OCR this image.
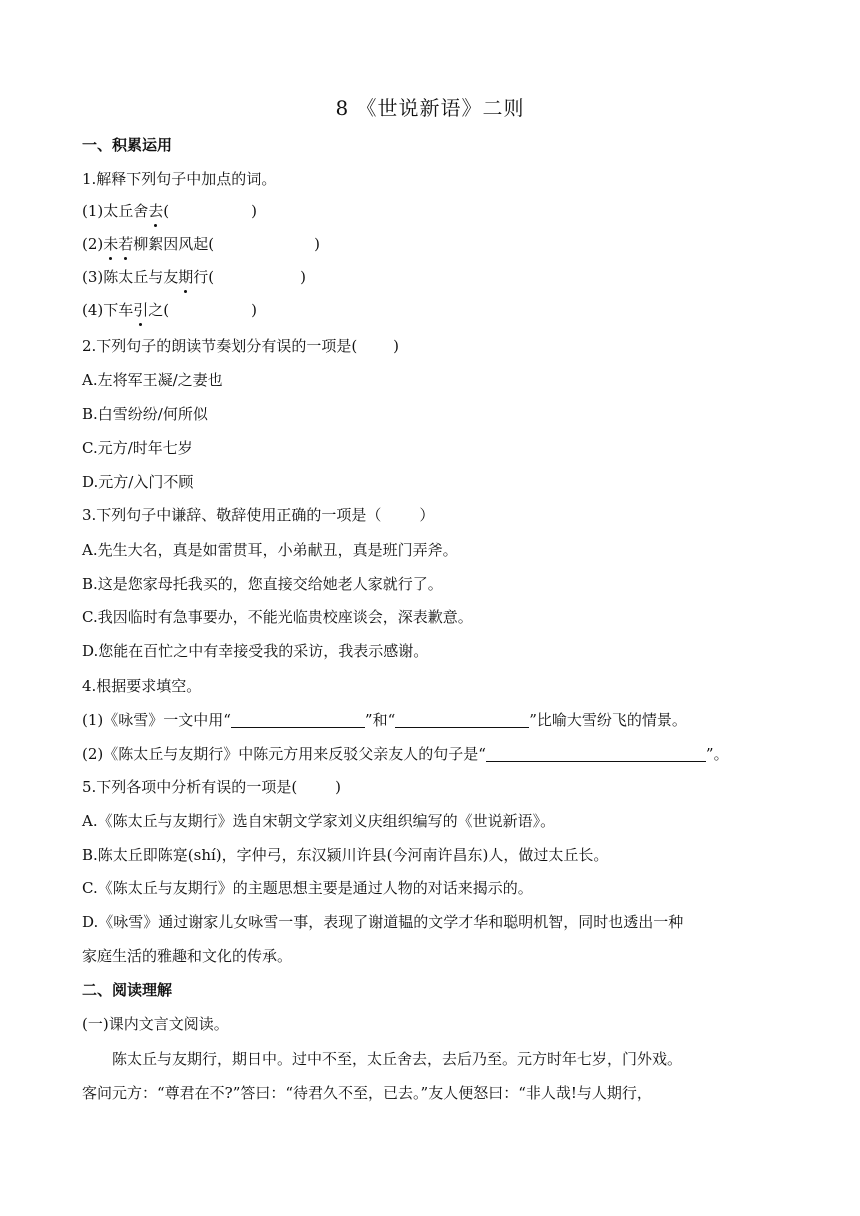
8 《世说新语》二则
一、积累运用
1.解释下列句子中加点的词。
(1)太丘舍去(	)
(2)未若柳絮因风起(	)
(3)陈太丘与友期行(	)
(4)下车引之(	)
2.下列句子的朗读节奏划分有误的一项是( )
A.左将军王凝/之妻也
B.白雪纷纷/何所似
C.元方/时年七岁
D.元方/入门不顾
3.下列句子中谦辞、敬辞使用正确的一项是（	）
A.先生大名，真是如雷贯耳，小弟献丑，真是班门弄斧。
B.这是您家母托我买的，您直接交给她老人家就行了。
C.我因临时有急事要办，不能光临贵校座谈会，深表歉意。
D.您能在百忙之中有幸接受我的采访，我表示感谢。
4.根据要求填空。
(1)《咏雪》一文中用“	”和“	”比喻大雪纷飞的情景。
(2)《陈太丘与友期行》中陈元方用来反驳父亲友人的句子是“	”。
5.下列各项中分析有误的一项是(	)
A.《陈太丘与友期行》选自宋朝文学家刘义庆组织编写的《世说新语》。
B.陈太丘即陈寔(shí)，字仲弓，东汉颍川许县(今河南许昌东)人，做过太丘长。
C.《陈太丘与友期行》的主题思想主要是通过人物的对话来揭示的。
D.《咏雪》通过谢家儿女咏雪一事，表现了谢道韫的文学才华和聪明机智，同时也透出一种
家庭生活的雅趣和文化的传承。
二、阅读理解
(一)课内文言文阅读。
　　陈太丘与友期行，期日中。过中不至，太丘舍去，去后乃至。元方时年七岁，门外戏。
客问元方：“尊君在不?”答曰：“待君久不至，已去。”友人便怒曰：“非人哉!与人期行，
